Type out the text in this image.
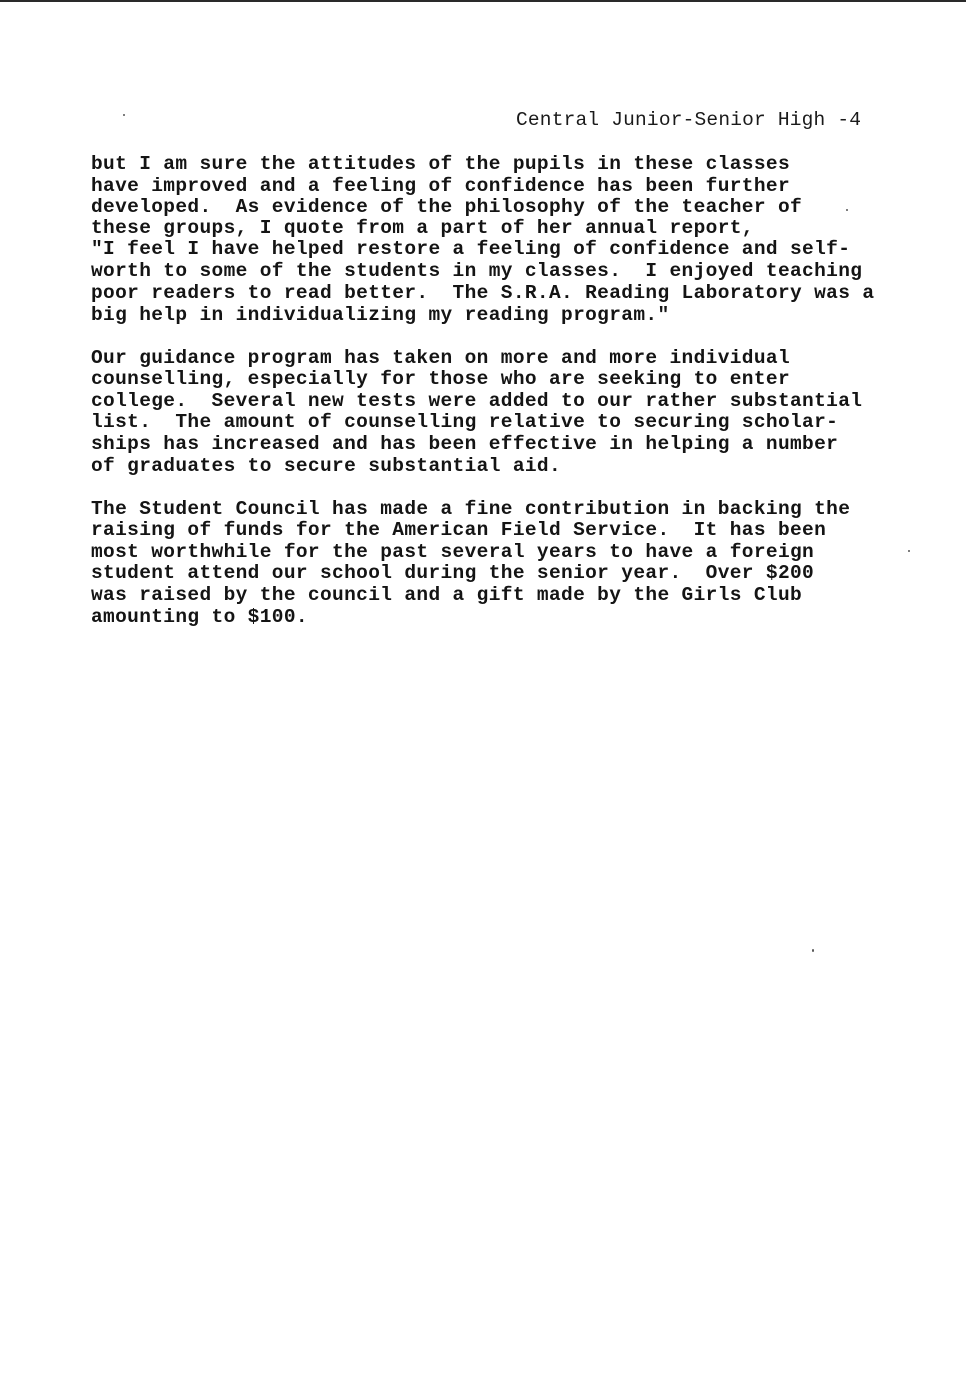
Central Junior-Senior High -4
but I am sure the attitudes of the pupils in these classes
have improved and a feeling of confidence has been further
developed.  As evidence of the philosophy of the teacher of
these groups, I quote from a part of her annual report,
"I feel I have helped restore a feeling of confidence and self-
worth to some of the students in my classes.  I enjoyed teaching
poor readers to read better.  The S.R.A. Reading Laboratory was a
big help in individualizing my reading program."
Our guidance program has taken on more and more individual
counselling, especially for those who are seeking to enter
college.  Several new tests were added to our rather substantial
list.  The amount of counselling relative to securing scholar-
ships has increased and has been effective in helping a number
of graduates to secure substantial aid.
The Student Council has made a fine contribution in backing the
raising of funds for the American Field Service.  It has been
most worthwhile for the past several years to have a foreign
student attend our school during the senior year.  Over $200
was raised by the council and a gift made by the Girls Club
amounting to $100.
